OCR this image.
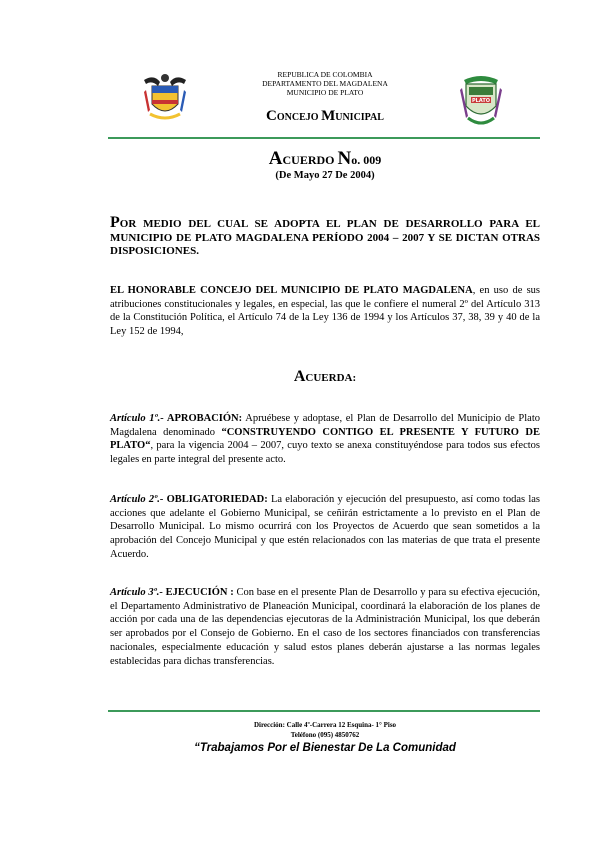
PLATO
REPUBLICA DE COLOMBIA
DEPARTAMENTO DEL MAGDALENA
MUNICIPIO DE PLATO
CONCEJO MUNICIPAL
ACUERDO No. 009
(De Mayo 27 De 2004)
POR MEDIO DEL CUAL SE ADOPTA EL PLAN DE DESARROLLO PARA EL MUNICIPIO DE PLATO MAGDALENA PERÍODO 2004 – 2007 Y SE DICTAN OTRAS DISPOSICIONES.
EL HONORABLE CONCEJO DEL MUNICIPIO DE PLATO MAGDALENA, en uso de sus atribuciones constitucionales y legales, en especial, las que le confiere el numeral 2º del Artículo 313 de la Constitución Política, el Artículo 74 de la Ley 136 de 1994 y los Artículos 37, 38, 39 y 40 de la Ley 152 de 1994,
ACUERDA:
Artículo 1º.- APROBACIÓN: Apruébese y adoptase, el Plan de Desarrollo del Municipio de Plato Magdalena denominado “CONSTRUYENDO CONTIGO EL PRESENTE Y FUTURO DE PLATO“, para la vigencia 2004 – 2007, cuyo texto se anexa constituyéndose para todos sus efectos legales en parte integral del presente acto.
Artículo 2º.- OBLIGATORIEDAD: La elaboración y ejecución del presupuesto, así como todas las acciones que adelante el Gobierno Municipal, se ceñirán estrictamente a lo previsto en el Plan de Desarrollo Municipal. Lo mismo ocurrirá con los Proyectos de Acuerdo que sean sometidos a la aprobación del Concejo Municipal y que estén relacionados con las materias de que trata el presente Acuerdo.
Artículo 3º.- EJECUCIÓN : Con base en el presente Plan de Desarrollo y para su efectiva ejecución, el Departamento Administrativo de Planeación Municipal, coordinará la elaboración de los planes de acción por cada una de las dependencias ejecutoras de la Administración Municipal, los que deberán ser aprobados por el Consejo de Gobierno. En el caso de los sectores financiados con transferencias nacionales, especialmente educación y salud estos planes deberán ajustarse a las normas legales establecidas para dichas transferencias.
Dirección: Calle 4º-Carrera 12 Esquina- 1° Piso
Teléfono (095) 4850762
“Trabajamos Por el Bienestar De La Comunidad
